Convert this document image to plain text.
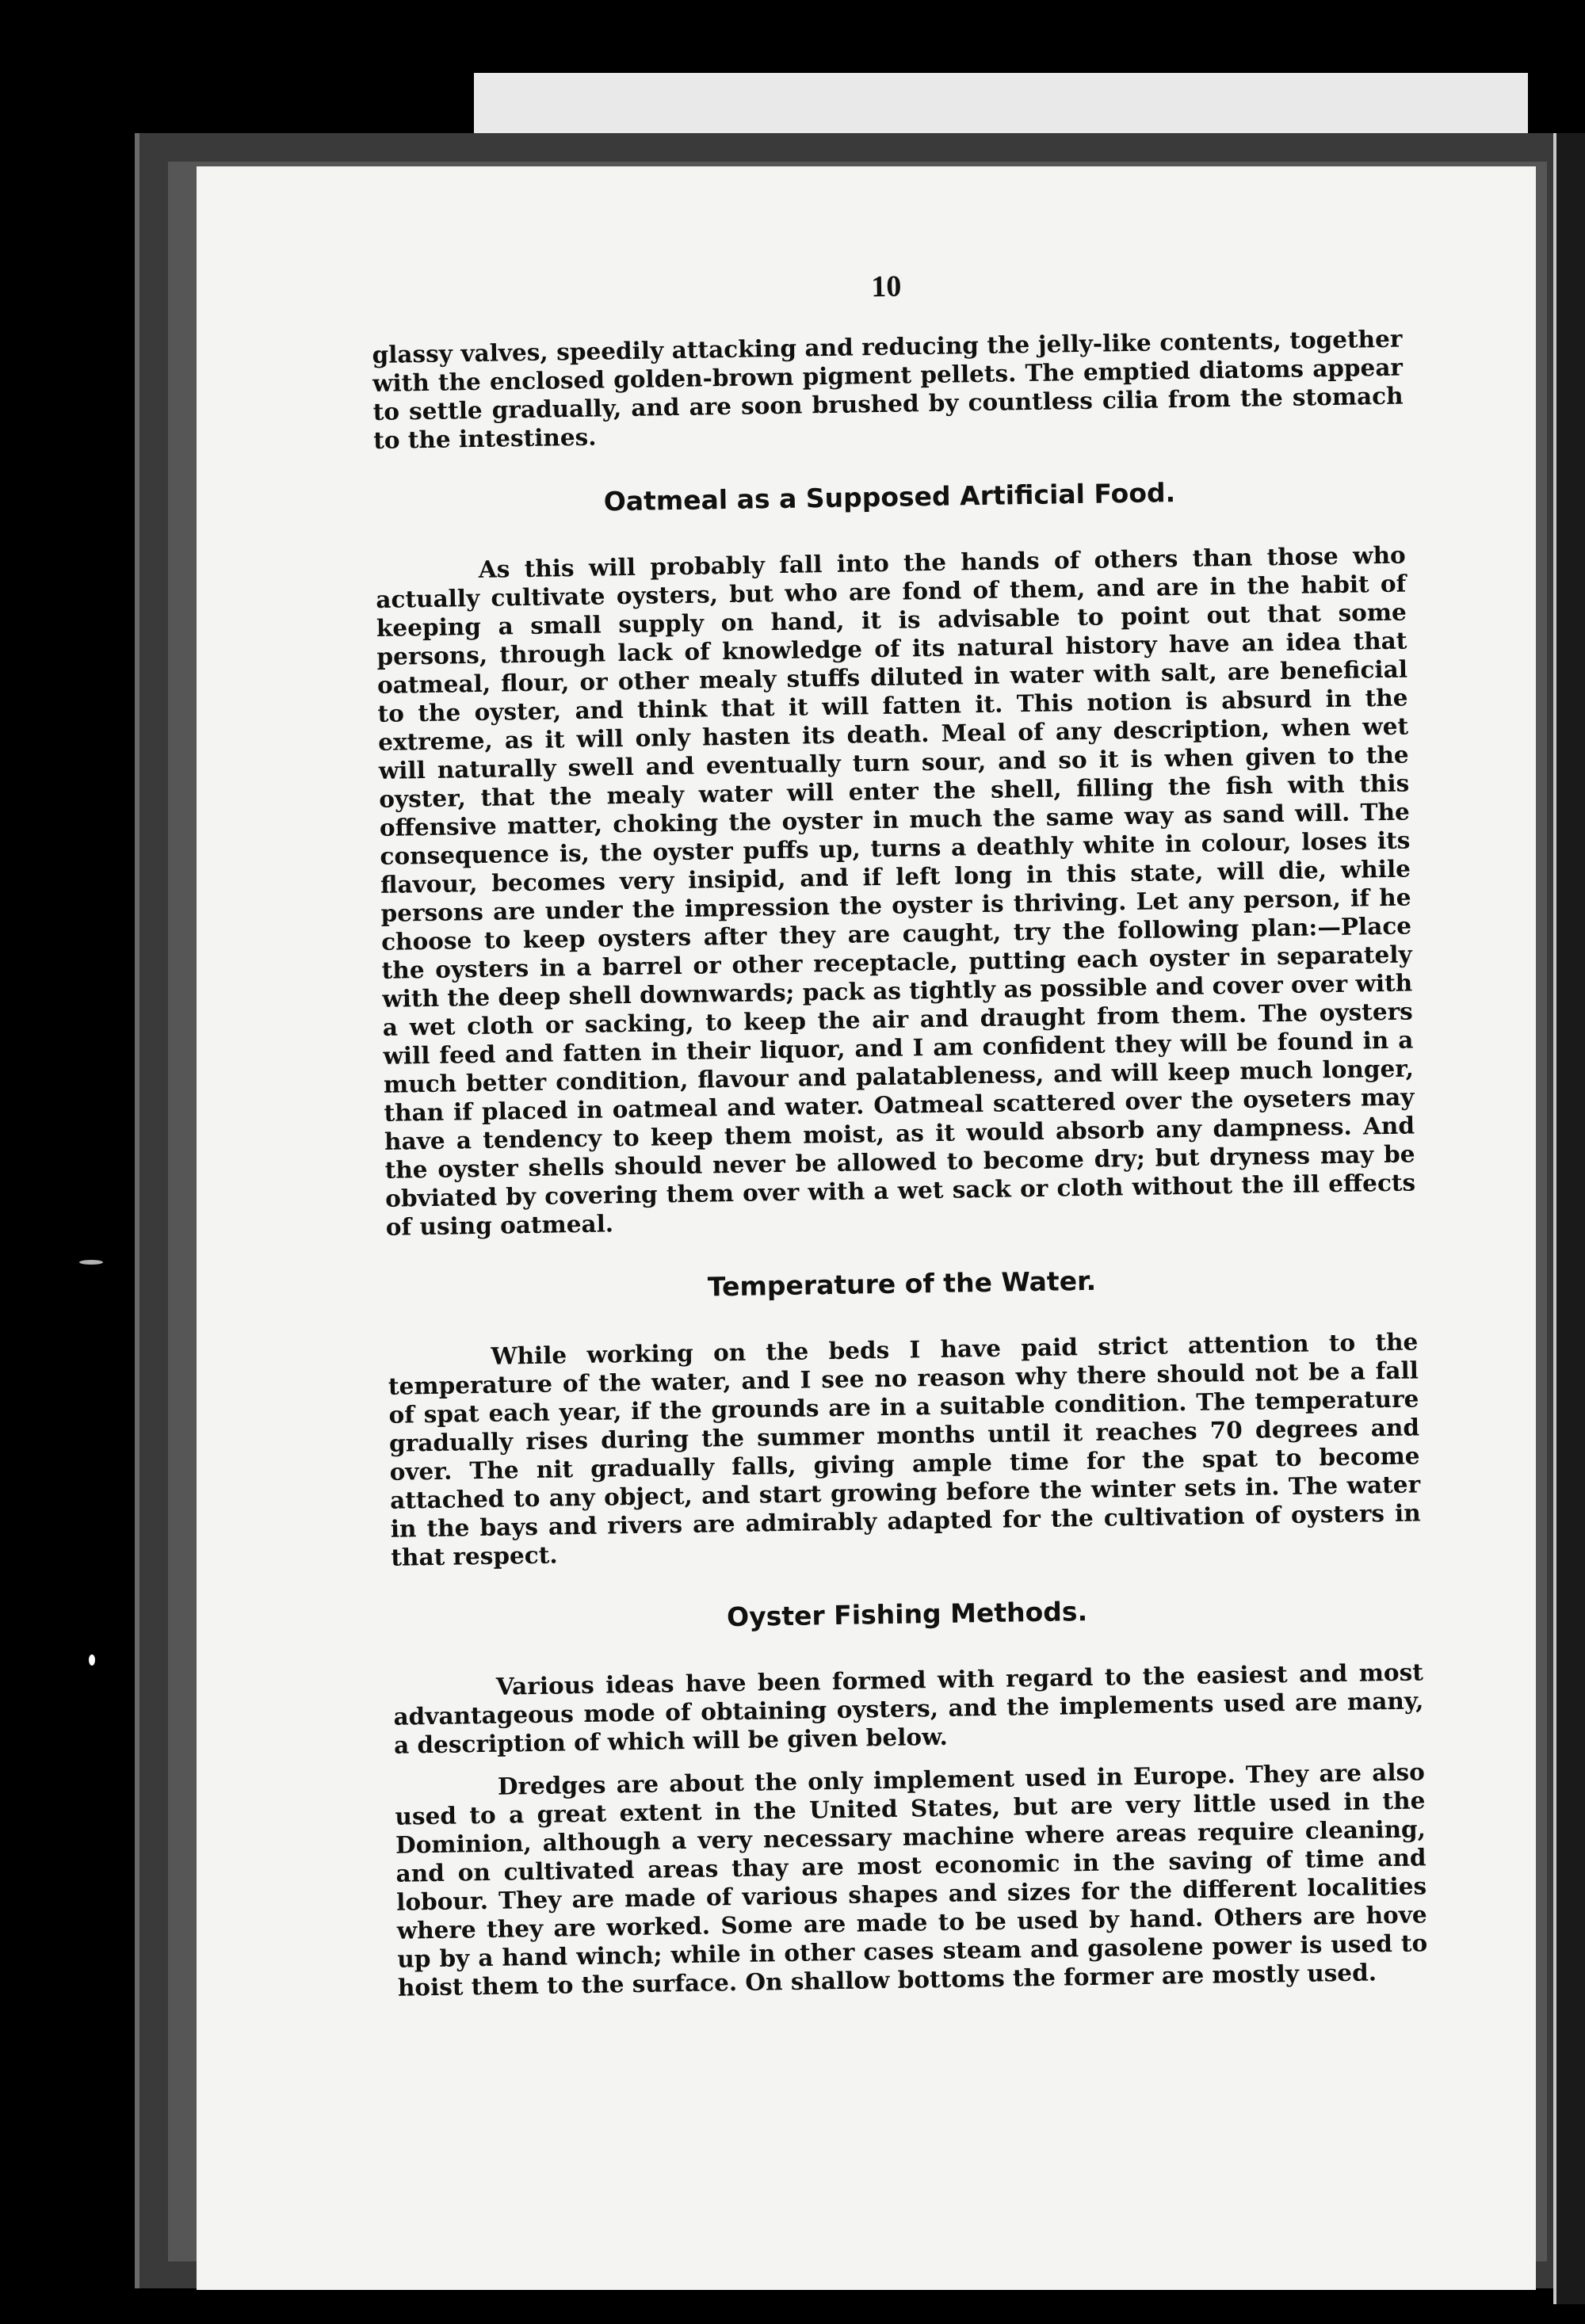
10

glassy valves, speedily attacking and reducing the jelly-like contents, together with the enclosed golden-brown pigment pellets. The emptied diatoms appear to settle gradually, and are soon brushed by countless cilia from the stomach to the intestines.

Oatmeal as a Supposed Artificial Food.

As this will probably fall into the hands of others than those who actually cultivate oysters, but who are fond of them, and are in the habit of keeping a small supply on hand, it is advisable to point out that some persons, through lack of knowledge of its natural history have an idea that oatmeal, flour, or other mealy stuffs diluted in water with salt, are beneficial to the oyster, and think that it will fatten it. This notion is absurd in the extreme, as it will only hasten its death. Meal of any description, when wet will naturally swell and eventually turn sour, and so it is when given to the oyster, that the mealy water will enter the shell, filling the fish with this offensive matter, choking the oyster in much the same way as sand will. The consequence is, the oyster puffs up, turns a deathly white in colour, loses its flavour, becomes very insipid, and if left long in this state, will die, while persons are under the impression the oyster is thriving. Let any person, if he choose to keep oysters after they are caught, try the following plan:—Place the oysters in a barrel or other receptacle, putting each oyster in separately with the deep shell downwards; pack as tightly as possible and cover over with a wet cloth or sacking, to keep the air and draught from them. The oysters will feed and fatten in their liquor, and I am confident they will be found in a much better condition, flavour and palatableness, and will keep much longer, than if placed in oatmeal and water. Oatmeal scattered over the oyseters may have a tendency to keep them moist, as it would absorb any dampness. And the oyster shells should never be allowed to become dry; but dryness may be obviated by covering them over with a wet sack or cloth without the ill effects of using oatmeal.

Temperature of the Water.

While working on the beds I have paid strict attention to the temperature of the water, and I see no reason why there should not be a fall of spat each year, if the grounds are in a suitable condition. The temperature gradually rises during the summer months until it reaches 70 degrees and over. The nit gradually falls, giving ample time for the spat to become attached to any object, and start growing before the winter sets in. The water in the bays and rivers are admirably adapted for the cultivation of oysters in that respect.

Oyster Fishing Methods.

Various ideas have been formed with regard to the easiest and most advantageous mode of obtaining oysters, and the implements used are many, a description of which will be given below.

Dredges are about the only implement used in Europe. They are also used to a great extent in the United States, but are very little used in the Dominion, although a very necessary machine where areas require cleaning, and on cultivated areas thay are most economic in the saving of time and lobour. They are made of various shapes and sizes for the different localities where they are worked. Some are made to be used by hand. Others are hove up by a hand winch; while in other cases steam and gasolene power is used to hoist them to the surface. On shallow bottoms the former are mostly used.
